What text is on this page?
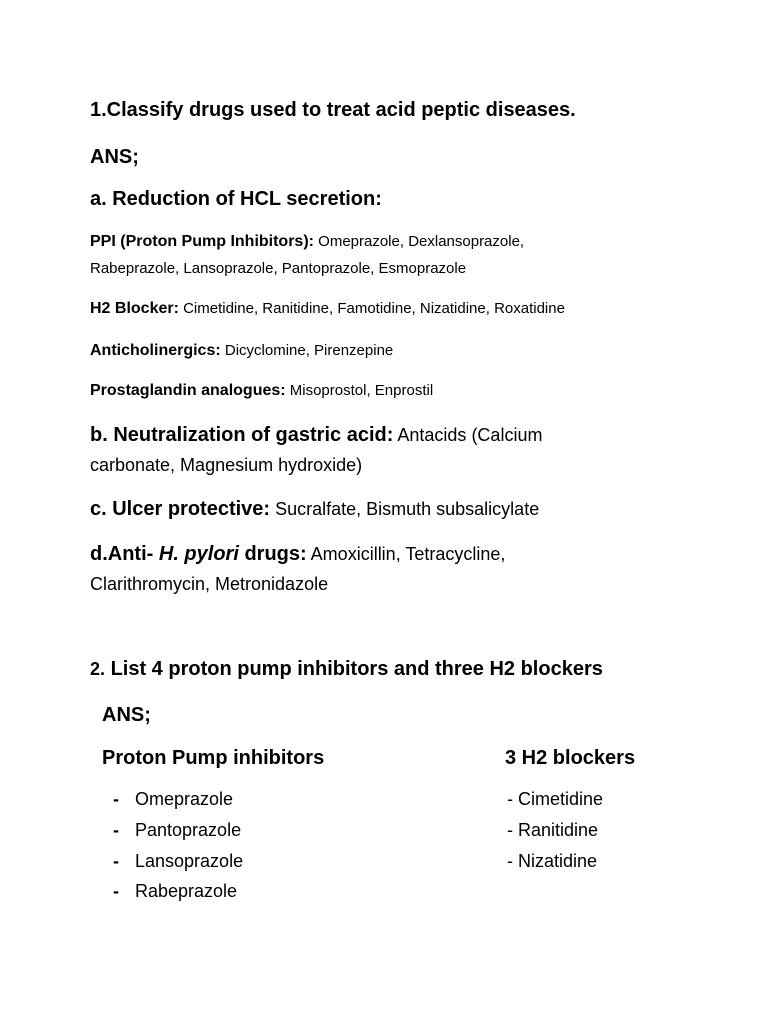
1.Classify drugs used to treat acid peptic diseases.
ANS;
a. Reduction of HCL secretion:
PPI (Proton Pump Inhibitors): Omeprazole, Dexlansoprazole,
Rabeprazole, Lansoprazole, Pantoprazole, Esmoprazole
H2 Blocker: Cimetidine, Ranitidine, Famotidine, Nizatidine, Roxatidine
Anticholinergics: Dicyclomine, Pirenzepine
Prostaglandin analogues: Misoprostol, Enprostil
b. Neutralization of gastric acid: Antacids (Calcium
carbonate, Magnesium hydroxide)
c. Ulcer protective: Sucralfate, Bismuth subsalicylate
d.Anti- H. pylori drugs: Amoxicillin, Tetracycline,
Clarithromycin, Metronidazole
2. List 4 proton pump inhibitors and three H2 blockers
ANS;
Proton Pump inhibitors	3 H2 blockers
- Omeprazole
- Pantoprazole
- Lansoprazole
- Rabeprazole
- Cimetidine
- Ranitidine
- Nizatidine
